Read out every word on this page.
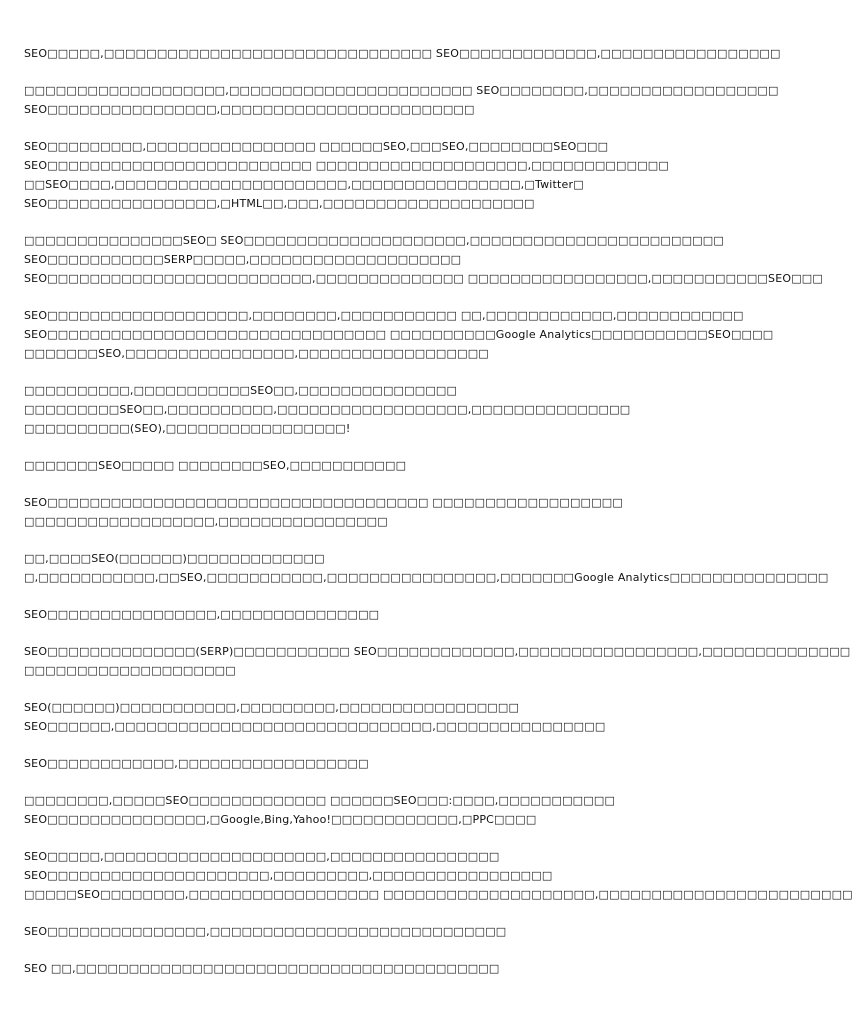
SEO□□□□□,□□□□□□□□□□□□□□□□□□□□□□□□□□□□□□□ SEO□□□□□□□□□□□□□,□□□□□□□□□□□□□□□□□
□□□□□□□□□□□□□□□□□□□,□□□□□□□□□□□□□□□□□□□□□□□ SEO□□□□□□□□,□□□□□□□□□□□□□□□□□□
SEO□□□□□□□□□□□□□□□□,□□□□□□□□□□□□□□□□□□□□□□□□
SEO□□□□□□□□□,□□□□□□□□□□□□□□□□ □□□□□□SEO,□□□SEO,□□□□□□□□SEO□□□
SEO□□□□□□□□□□□□□□□□□□□□□□□□□ □□□□□□□□□□□□□□□□□□□□,□□□□□□□□□□□□□
□□SEO□□□□,□□□□□□□□□□□□□□□□□□□□□□,□□□□□□□□□□□□□□□□,□Twitter□
SEO□□□□□□□□□□□□□□□□,□HTML□□,□□□,□□□□□□□□□□□□□□□□□□□□
□□□□□□□□□□□□□□□SEO□ SEO□□□□□□□□□□□□□□□□□□□□□,□□□□□□□□□□□□□□□□□□□□□□□□
SEO□□□□□□□□□□□SERP□□□□□,□□□□□□□□□□□□□□□□□□□□
SEO□□□□□□□□□□□□□□□□□□□□□□□□□,□□□□□□□□□□□□□□ □□□□□□□□□□□□□□□□□,□□□□□□□□□□□SEO□□□
SEO□□□□□□□□□□□□□□□□□□□,□□□□□□□□,□□□□□□□□□□□ □□,□□□□□□□□□□□□,□□□□□□□□□□□□
SEO□□□□□□□□□□□□□□□□□□□□□□□□□□□□□□□□ □□□□□□□□□□Google Analytics□□□□□□□□□□□SEO□□□□
□□□□□□□SEO,□□□□□□□□□□□□□□□□,□□□□□□□□□□□□□□□□□□
□□□□□□□□□□,□□□□□□□□□□□SEO□□,□□□□□□□□□□□□□□□
□□□□□□□□□SEO□□,□□□□□□□□□□,□□□□□□□□□□□□□□□□□□,□□□□□□□□□□□□□□□
□□□□□□□□□□(SEO),□□□□□□□□□□□□□□□□□!
□□□□□□□SEO□□□□□ □□□□□□□□SEO,□□□□□□□□□□□
SEO□□□□□□□□□□□□□□□□□□□□□□□□□□□□□□□□□□□□ □□□□□□□□□□□□□□□□□□
□□□□□□□□□□□□□□□□□□,□□□□□□□□□□□□□□□□
□□,□□□□SEO(□□□□□□)□□□□□□□□□□□□□
□,□□□□□□□□□□□,□□SEO,□□□□□□□□□□□,□□□□□□□□□□□□□□□□,□□□□□□□Google Analytics□□□□□□□□□□□□□□□
SEO□□□□□□□□□□□□□□□□,□□□□□□□□□□□□□□□
SEO□□□□□□□□□□□□□□(SERP)□□□□□□□□□□□ SEO□□□□□□□□□□□□□,□□□□□□□□□□□□□□□□□,□□□□□□□□□□□□□□
□□□□□□□□□□□□□□□□□□□□
SEO(□□□□□□)□□□□□□□□□□□,□□□□□□□□□,□□□□□□□□□□□□□□□□□
SEO□□□□□□,□□□□□□□□□□□□□□□□□□□□□□□□□□□□□□,□□□□□□□□□□□□□□□□
SEO□□□□□□□□□□□□,□□□□□□□□□□□□□□□□□□
□□□□□□□□,□□□□□SEO□□□□□□□□□□□□□ □□□□□□SEO□□□:□□□□,□□□□□□□□□□□
SEO□□□□□□□□□□□□□□□,□Google,Bing,Yahoo!□□□□□□□□□□□□,□PPC□□□□
SEO□□□□□,□□□□□□□□□□□□□□□□□□□□□,□□□□□□□□□□□□□□□□
SEO□□□□□□□□□□□□□□□□□□□□□,□□□□□□□□□,□□□□□□□□□□□□□□□□□
□□□□□SEO□□□□□□□□,□□□□□□□□□□□□□□□□□□ □□□□□□□□□□□□□□□□□□□□,□□□□□□□□□□□□□□□□□□□□□□□□
SEO□□□□□□□□□□□□□□□,□□□□□□□□□□□□□□□□□□□□□□□□□□□□
SEO □□,□□□□□□□□□□□□□□□□□□□□□□□□□□□□□□□□□□□□□□□□
